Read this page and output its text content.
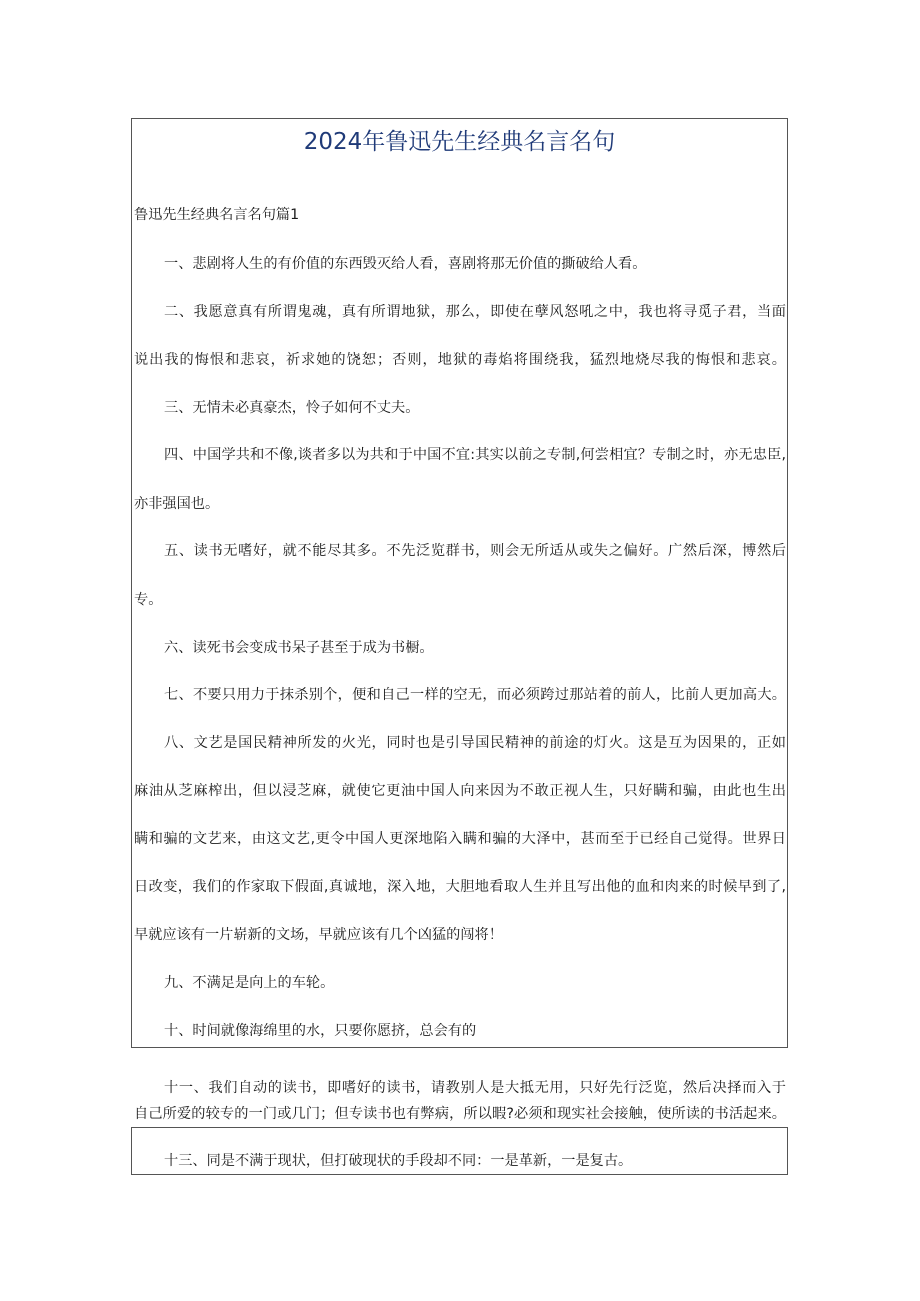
2024年鲁迅先生经典名言名句
鲁迅先生经典名言名句篇1
一、悲剧将人生的有价值的东西毁灭给人看，喜剧将那无价值的撕破给人看。
二、我愿意真有所谓鬼魂，真有所谓地狱，那么，即使在孽风怒吼之中，我也将寻觅子君，当面
说出我的悔恨和悲哀，祈求她的饶恕；否则，地狱的毒焰将围绕我，猛烈地烧尽我的悔恨和悲哀。
三、无情未必真豪杰，怜子如何不丈夫。
四、中国学共和不像,谈者多以为共和于中国不宜:其实以前之专制,何尝相宜？专制之时，亦无忠臣,
亦非强国也。
五、读书无嗜好，就不能尽其多。不先泛览群书，则会无所适从或失之偏好。广然后深，博然后
专。
六、读死书会变成书呆子甚至于成为书橱。
七、不要只用力于抹杀别个，便和自己一样的空无，而必须跨过那站着的前人，比前人更加高大。
八、文艺是国民精神所发的火光，同时也是引导国民精神的前途的灯火。这是互为因果的，正如
麻油从芝麻榨出，但以浸芝麻，就使它更油中国人向来因为不敢正视人生，只好瞒和骗，由此也生出
瞒和骗的文艺来，由这文艺,更令中国人更深地陷入瞒和骗的大泽中，甚而至于已经自己觉得。世界日
日改变，我们的作家取下假面,真诚地，深入地，大胆地看取人生并且写出他的血和肉来的时候早到了,
早就应该有一片崭新的文场，早就应该有几个凶猛的闯将！
九、不满足是向上的车轮。
十、时间就像海绵里的水，只要你愿挤，总会有的
十一、我们自动的读书，即嗜好的读书，请教别人是大抵无用，只好先行泛览，然后决择而入于
自己所爱的较专的一门或几门；但专读书也有弊病，所以暇?必须和现实社会接触，使所读的书活起来。
十三、同是不满于现状，但打破现状的手段却不同：一是革新，一是复古。
